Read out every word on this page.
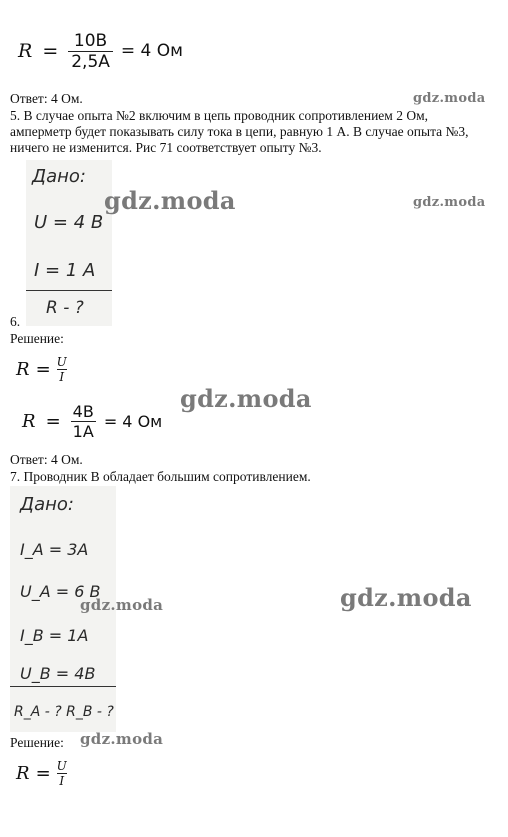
$R = \frac{10В}{2,5А} = 4$ Ом
Ответ: 4 Ом.	gdz.moda
5. В случае опыта №2 включим в цепь проводник сопротивлением 2 Ом, амперметр будет показывать силу тока в цепи, равную 1 А. В случае опыта №3, ничего не изменится. Рис 71 соответствует опыту №3.
Дано:
U = 4 B
I = 1 A
R - ?
gdz.moda	gdz.moda
6.
Решение:
$R = \frac{U}{I}$
gdz.moda
$R = \frac{4В}{1А} = 4$ Ом
Ответ: 4 Ом.
7. Проводник В обладает большим сопротивлением.
Дано:
I_A = 3A
U_A = 6 B
I_B = 1A
U_B = 4B
R_A - ? R_B - ?
gdz.moda	gdz.moda
Решение: gdz.moda
$R = \frac{U}{I}$
